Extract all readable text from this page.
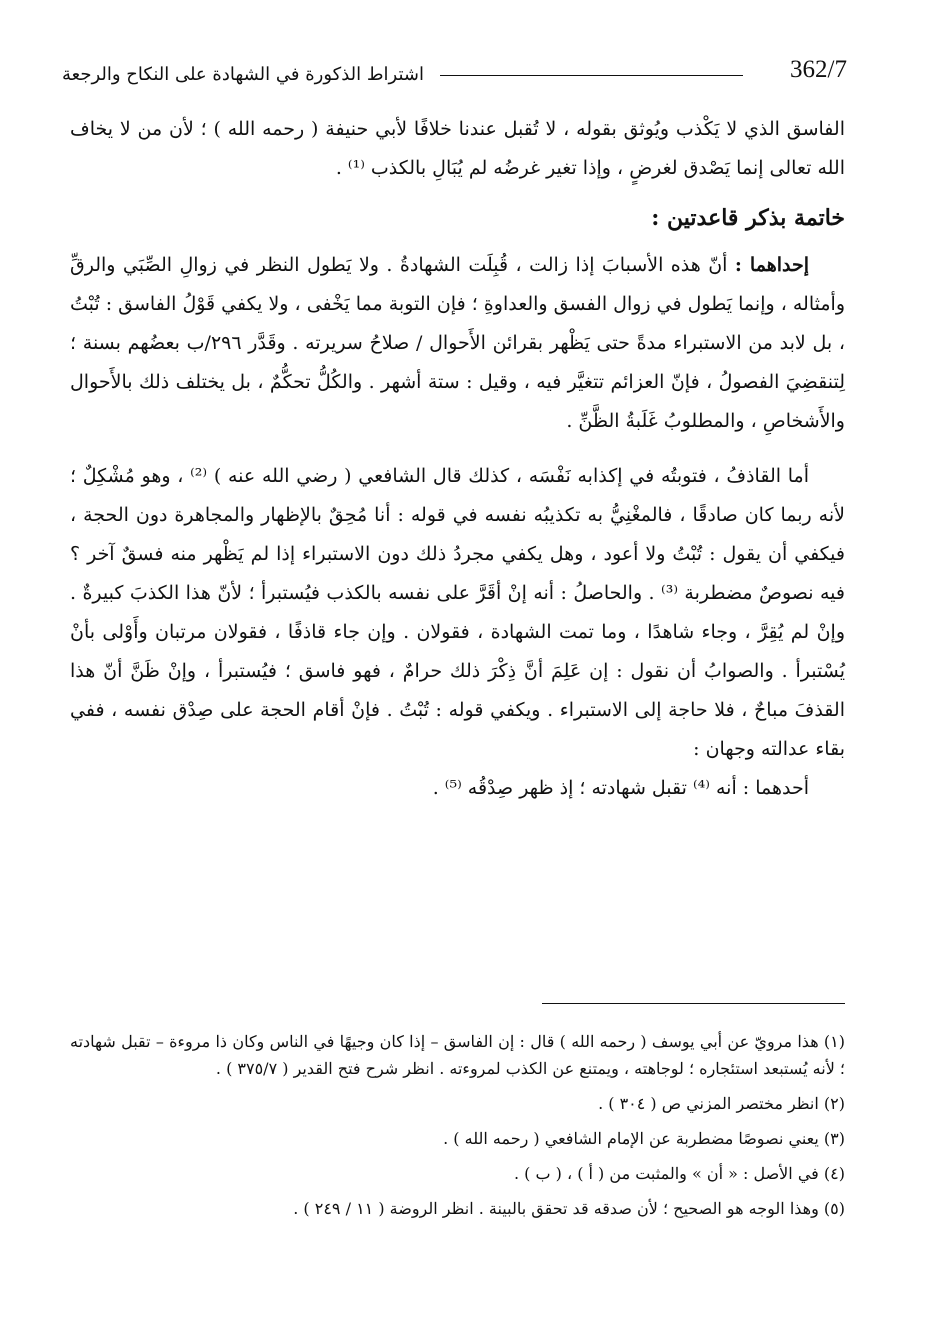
اشتراط الذكورة في الشهادة على النكاح والرجعة	362/7

الفاسق الذي لا يَكْذب ويُوثق بقوله ، لا تُقبل عندنا خلافًا لأبي حنيفة ( رحمه الله ) ؛ لأن من لا يخاف الله تعالى إنما يَصْدق لغرضٍ ، وإذا تغير غرضُه لم يُبَالِ بالكذب ⁽¹⁾ .

خاتمة بذكر قاعدتين :

إحداهما : أنّ هذه الأسبابَ إذا زالت ، قُبِلَت الشهادةُ . ولا يَطول النظر في زوالِ الصِّبَي والرقِّ وأمثاله ، وإنما يَطول في زوال الفسق والعداوةِ ؛ فإن التوبة مما يَخْفى ، ولا يكفي قَوْلُ الفاسق : تُبْتُ ، بل لابد من الاستبراء مدةً حتى يَظْهر بقرائن الأَحوال / صلاحُ سريرته . وقَدَّر ٢٩٦/ب بعضُهم بسنة ؛ لِتنقضِيَ الفصولُ ، فإنّ العزائم تتغيَّر فيه ، وقيل : ستة أشهر . والكُلُّ تحكُّمٌ ، بل يختلف ذلك بالأَحوال والأَشخاصِ ، والمطلوبُ غَلَبةُ الظَّنِّ .

أما القاذفُ ، فتوبتُه في إكذابه نَفْسَه ، كذلك قال الشافعي ( رضي الله عنه ) ⁽²⁾ ، وهو مُشْكِلٌ ؛ لأنه ربما كان صادقًا ، فالمغْنِيُّ به تكذيبُه نفسه في قوله : أنا مُحِقٌ بالإظهار والمجاهرة دون الحجة ، فيكفي أن يقول : تُبْتُ ولا أعود ، وهل يكفي مجردُ ذلك دون الاستبراء إذا لم يَظْهر منه فسقٌ آخر ؟ فيه نصوصٌ مضطربة ⁽³⁾ . والحاصلُ : أنه إنْ أقَرَّ على نفسه بالكذب فيُستبرأ ؛ لأنّ هذا الكذبَ كبيرةٌ . وإنْ لم يُقِرَّ ، وجاء شاهدًا ، وما تمت الشهادة ، فقولان . وإن جاء قاذفًا ، فقولان مرتبان وأَوْلى بأنْ يُسْتبرأ . والصوابُ أن نقول : إن عَلِمَ أنَّ ذِكْرَ ذلك حرامٌ ، فهو فاسق ؛ فيُستبرأ ، وإنْ ظَنَّ أنّ هذا القذفَ مباحٌ ، فلا حاجة إلى الاستبراء . ويكفي قوله : تُبْتُ . فإنْ أقام الحجة على صِدْق نفسه ، ففي بقاء عدالته وجهان :

أحدهما : أنه ⁽⁴⁾ تقبل شهادته ؛ إذ ظهر صِدْقُه ⁽⁵⁾ .

(١) هذا مرويّ عن أبي يوسف ( رحمه الله ) قال : إن الفاسق – إذا كان وجيهًا في الناس وكان ذا مروءة – تقبل شهادته ؛ لأنه يُستبعد استئجاره ؛ لوجاهته ، ويمتنع عن الكذب لمروءته . انظر شرح فتح القدير ( ٣٧٥/٧ ) .

(٢) انظر مختصر المزني ص ( ٣٠٤ ) .

(٣) يعني نصوصًا مضطربة عن الإمام الشافعي ( رحمه الله ) .

(٤) في الأصل : « أن » والمثبت من ( أ ) ، ( ب ) .

(٥) وهذا الوجه هو الصحيح ؛ لأن صدقه قد تحقق بالبينة . انظر الروضة ( ١١ / ٢٤٩ ) .
